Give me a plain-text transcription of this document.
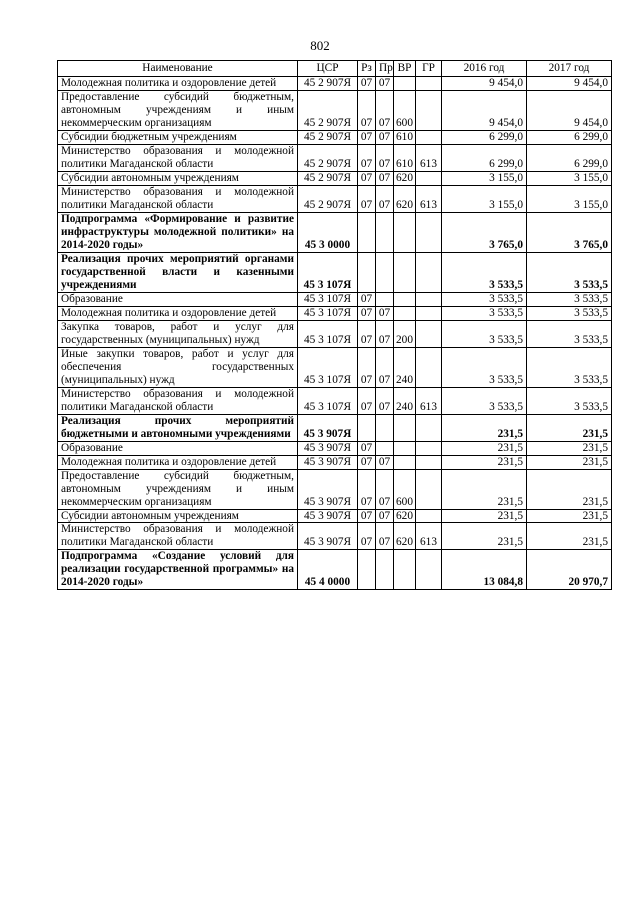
802
Наименование	ЦСР	Рз	Пр	ВР	ГР	2016 год	2017 год
Молодежная политика и оздоровление детей	45 2 907Я	07	07			9 454,0	9 454,0
Предоставление субсидий бюджетным, автономным учреждениям и иным некоммерческим организациям	45 2 907Я	07	07	600		9 454,0	9 454,0
Субсидии бюджетным учреждениям	45 2 907Я	07	07	610		6 299,0	6 299,0
Министерство образования и молодежной политики Магаданской области	45 2 907Я	07	07	610	613	6 299,0	6 299,0
Субсидии автономным учреждениям	45 2 907Я	07	07	620		3 155,0	3 155,0
Министерство образования и молодежной политики Магаданской области	45 2 907Я	07	07	620	613	3 155,0	3 155,0
Подпрограмма «Формирование и развитие инфраструктуры молодежной политики» на 2014-2020 годы»	45 3 0000					3 765,0	3 765,0
Реализация прочих мероприятий органами государственной власти и казенными учреждениями	45 3 107Я					3 533,5	3 533,5
Образование	45 3 107Я	07				3 533,5	3 533,5
Молодежная политика и оздоровление детей	45 3 107Я	07	07			3 533,5	3 533,5
Закупка товаров, работ и услуг для государственных (муниципальных) нужд	45 3 107Я	07	07	200		3 533,5	3 533,5
Иные закупки товаров, работ и услуг для обеспечения государственных (муниципальных) нужд	45 3 107Я	07	07	240		3 533,5	3 533,5
Министерство образования и молодежной политики Магаданской области	45 3 107Я	07	07	240	613	3 533,5	3 533,5
Реализация прочих мероприятий бюджетными и автономными учреждениями	45 3 907Я					231,5	231,5
Образование	45 3 907Я	07				231,5	231,5
Молодежная политика и оздоровление детей	45 3 907Я	07	07			231,5	231,5
Предоставление субсидий бюджетным, автономным учреждениям и иным некоммерческим организациям	45 3 907Я	07	07	600		231,5	231,5
Субсидии автономным учреждениям	45 3 907Я	07	07	620		231,5	231,5
Министерство образования и молодежной политики Магаданской области	45 3 907Я	07	07	620	613	231,5	231,5
Подпрограмма «Создание условий для реализации государственной программы» на 2014-2020 годы»	45 4 0000					13 084,8	20 970,7
